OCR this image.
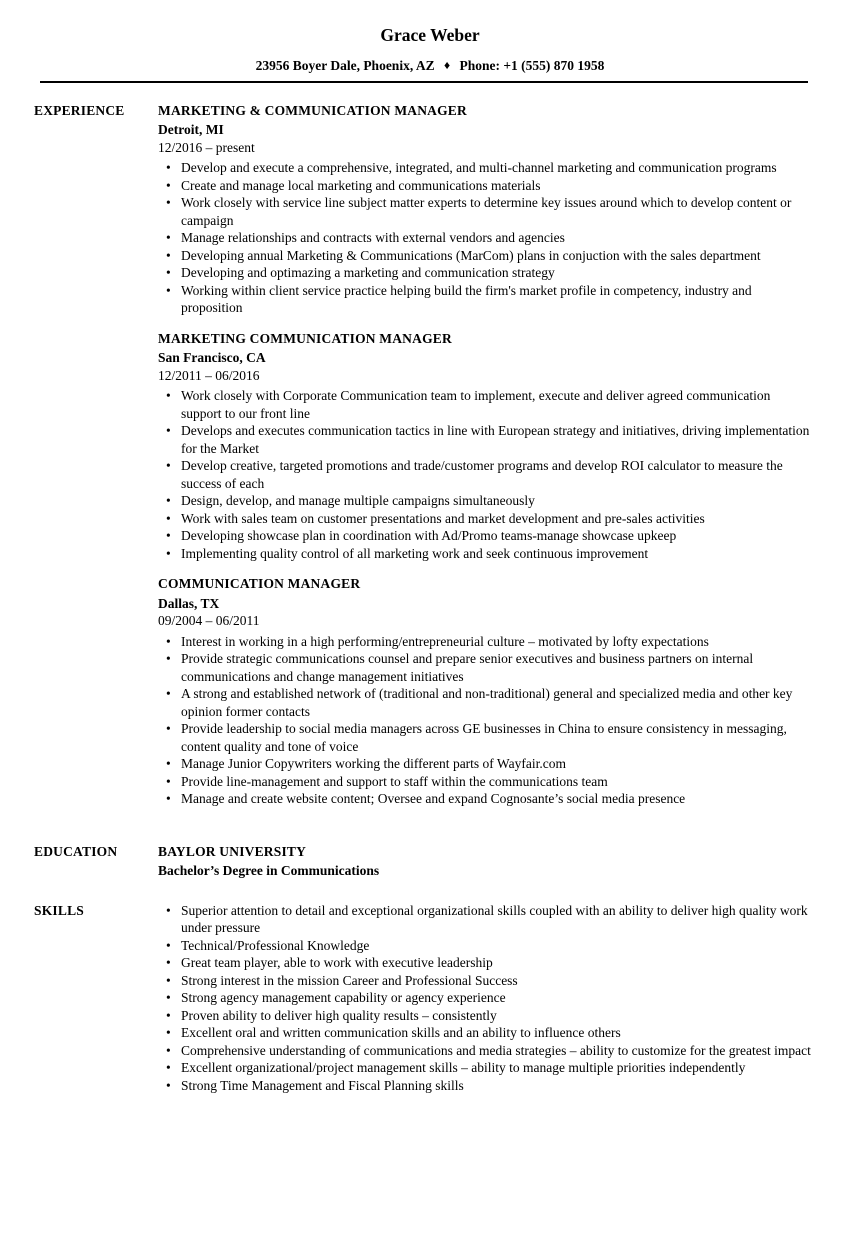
Grace Weber
23956 Boyer Dale, Phoenix, AZ ♦ Phone: +1 (555) 870 1958
EXPERIENCE	MARKETING & COMMUNICATION MANAGER
Detroit, MI
12/2016 – present
• Develop and execute a comprehensive, integrated, and multi-channel marketing and communication programs
• Create and manage local marketing and communications materials
• Work closely with service line subject matter experts to determine key issues around which to develop content or campaign
• Manage relationships and contracts with external vendors and agencies
• Developing annual Marketing & Communications (MarCom) plans in conjuction with the sales department
• Developing and optimazing a marketing and communication strategy
• Working within client service practice helping build the firm's market profile in competency, industry and proposition
MARKETING COMMUNICATION MANAGER
San Francisco, CA
12/2011 – 06/2016
• Work closely with Corporate Communication team to implement, execute and deliver agreed communication support to our front line
• Develops and executes communication tactics in line with European strategy and initiatives, driving implementation for the Market
• Develop creative, targeted promotions and trade/customer programs and develop ROI calculator to measure the success of each
• Design, develop, and manage multiple campaigns simultaneously
• Work with sales team on customer presentations and market development and pre-sales activities
• Developing showcase plan in coordination with Ad/Promo teams-manage showcase upkeep
• Implementing quality control of all marketing work and seek continuous improvement
COMMUNICATION MANAGER
Dallas, TX
09/2004 – 06/2011
• Interest in working in a high performing/entrepreneurial culture – motivated by lofty expectations
• Provide strategic communications counsel and prepare senior executives and business partners on internal communications and change management initiatives
• A strong and established network of (traditional and non-traditional) general and specialized media and other key opinion former contacts
• Provide leadership to social media managers across GE businesses in China to ensure consistency in messaging, content quality and tone of voice
• Manage Junior Copywriters working the different parts of Wayfair.com
• Provide line-management and support to staff within the communications team
• Manage and create website content; Oversee and expand Cognosante’s social media presence
EDUCATION	BAYLOR UNIVERSITY
Bachelor’s Degree in Communications
SKILLS	• Superior attention to detail and exceptional organizational skills coupled with an ability to deliver high quality work under pressure
• Technical/Professional Knowledge
• Great team player, able to work with executive leadership
• Strong interest in the mission Career and Professional Success
• Strong agency management capability or agency experience
• Proven ability to deliver high quality results – consistently
• Excellent oral and written communication skills and an ability to influence others
• Comprehensive understanding of communications and media strategies – ability to customize for the greatest impact
• Excellent organizational/project management skills – ability to manage multiple priorities independently
• Strong Time Management and Fiscal Planning skills
